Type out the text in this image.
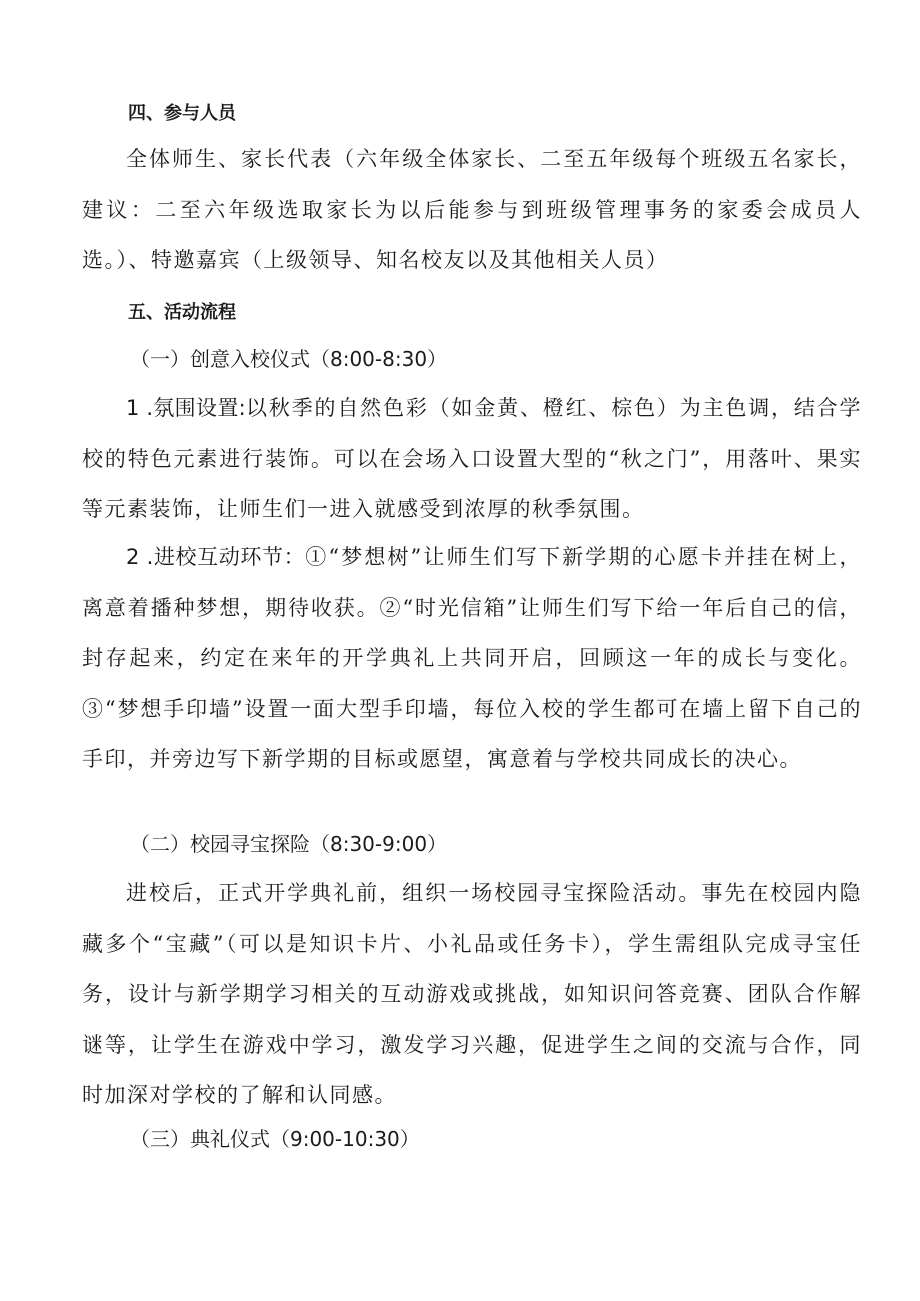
四、参与人员

全体师生、家长代表（六年级全体家长、二至五年级每个班级五名家长，建议：二至六年级选取家长为以后能参与到班级管理事务的家委会成员人选。）、特邀嘉宾（上级领导、知名校友以及其他相关人员）

五、活动流程
（一）创意入校仪式（8:00-8:30）

1 .氛围设置:以秋季的自然色彩（如金黄、橙红、棕色）为主色调，结合学校的特色元素进行装饰。可以在会场入口设置大型的“秋之门”，用落叶、果实等元素装饰，让师生们一进入就感受到浓厚的秋季氛围。

2 .进校互动环节：①“梦想树”让师生们写下新学期的心愿卡并挂在树上，离意着播种梦想，期待收获。②“时光信箱”让师生们写下给一年后自己的信，封存起来，约定在来年的开学典礼上共同开启，回顾这一年的成长与变化。③“梦想手印墙”设置一面大型手印墙，每位入校的学生都可在墙上留下自己的手印，并旁边写下新学期的目标或愿望，寓意着与学校共同成长的决心。

（二）校园寻宝探险（8:30-9:00）

进校后，正式开学典礼前，组织一场校园寻宝探险活动。事先在校园内隐藏多个“宝藏”（可以是知识卡片、小礼品或任务卡），学生需组队完成寻宝任务，设计与新学期学习相关的互动游戏或挑战，如知识问答竞赛、团队合作解谜等，让学生在游戏中学习，激发学习兴趣，促进学生之间的交流与合作，同时加深对学校的了解和认同感。

（三）典礼仪式（9:00-10:30）
